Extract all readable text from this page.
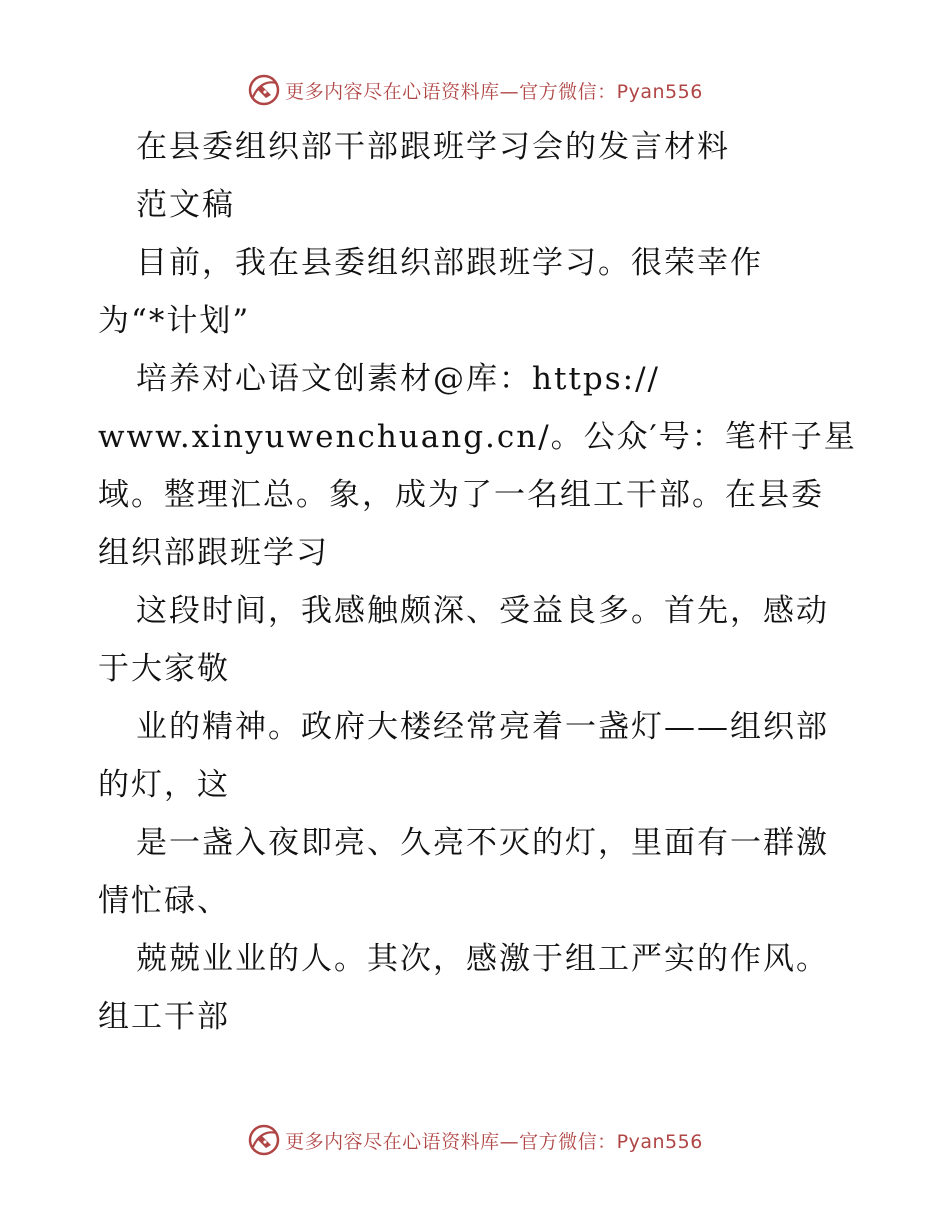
更多内容尽在心语资料库—官方微信：Pyan556
在县委组织部干部跟班学习会的发言材料
范文稿
目前，我在县委组织部跟班学习。很荣幸作
为“*计划”
培养对心语文创素材@库：https://
www.xinyuwenchuang.cn/。公众′号：笔杆子星
域。整理汇总。象，成为了一名组工干部。在县委
组织部跟班学习
这段时间，我感触颇深、受益良多。首先，感动
于大家敬
业的精神。政府大楼经常亮着一盏灯——组织部
的灯，这
是一盏入夜即亮、久亮不灭的灯，里面有一群激
情忙碌、
兢兢业业的人。其次，感激于组工严实的作风。
组工干部
更多内容尽在心语资料库—官方微信：Pyan556
